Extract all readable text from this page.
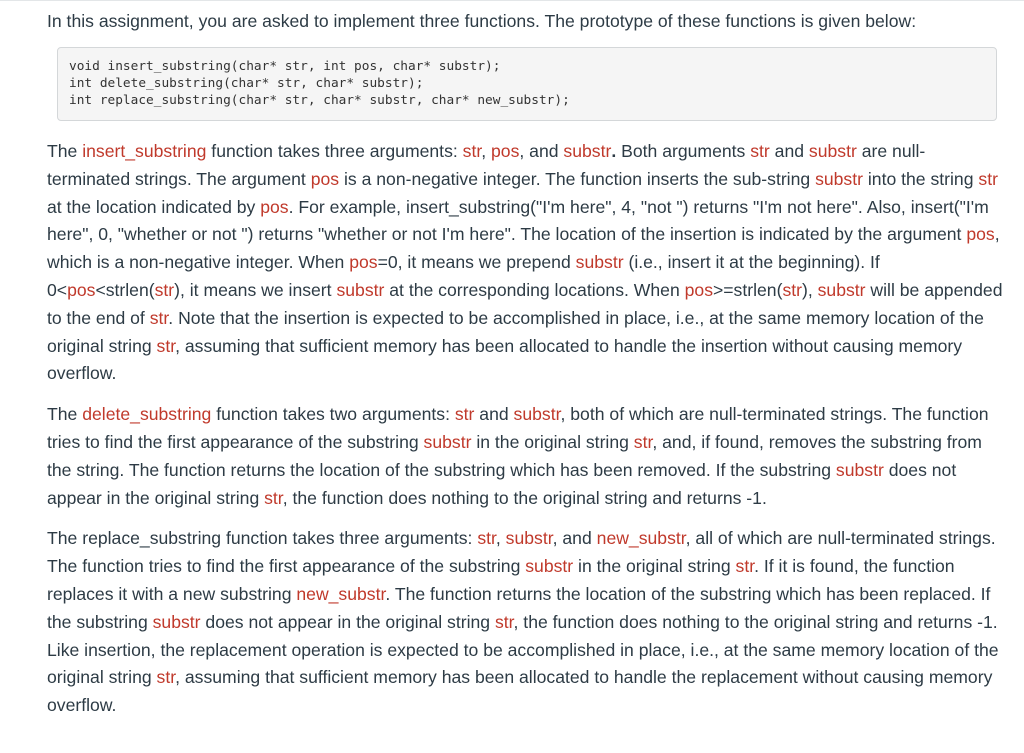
In this assignment, you are asked to implement three functions. The prototype of these functions is given below:

void insert_substring(char* str, int pos, char* substr);
int delete_substring(char* str, char* substr);
int replace_substring(char* str, char* substr, char* new_substr);

The insert_substring function takes three arguments: str, pos, and substr. Both arguments str and substr are null-terminated strings. The argument pos is a non-negative integer. The function inserts the sub-string substr into the string str at the location indicated by pos. For example, insert_substring("I'm here", 4, "not ") returns "I'm not here". Also, insert("I'm here", 0, "whether or not ") returns "whether or not I'm here". The location of the insertion is indicated by the argument pos, which is a non-negative integer. When pos=0, it means we prepend substr (i.e., insert it at the beginning). If 0<pos<strlen(str), it means we insert substr at the corresponding locations. When pos>=strlen(str), substr will be appended to the end of str. Note that the insertion is expected to be accomplished in place, i.e., at the same memory location of the original string str, assuming that sufficient memory has been allocated to handle the insertion without causing memory overflow.

The delete_substring function takes two arguments: str and substr, both of which are null-terminated strings. The function tries to find the first appearance of the substring substr in the original string str, and, if found, removes the substring from the string. The function returns the location of the substring which has been removed. If the substring substr does not appear in the original string str, the function does nothing to the original string and returns -1.

The replace_substring function takes three arguments: str, substr, and new_substr, all of which are null-terminated strings. The function tries to find the first appearance of the substring substr in the original string str. If it is found, the function replaces it with a new substring new_substr. The function returns the location of the substring which has been replaced. If the substring substr does not appear in the original string str, the function does nothing to the original string and returns -1. Like insertion, the replacement operation is expected to be accomplished in place, i.e., at the same memory location of the original string str, assuming that sufficient memory has been allocated to handle the replacement without causing memory overflow.
